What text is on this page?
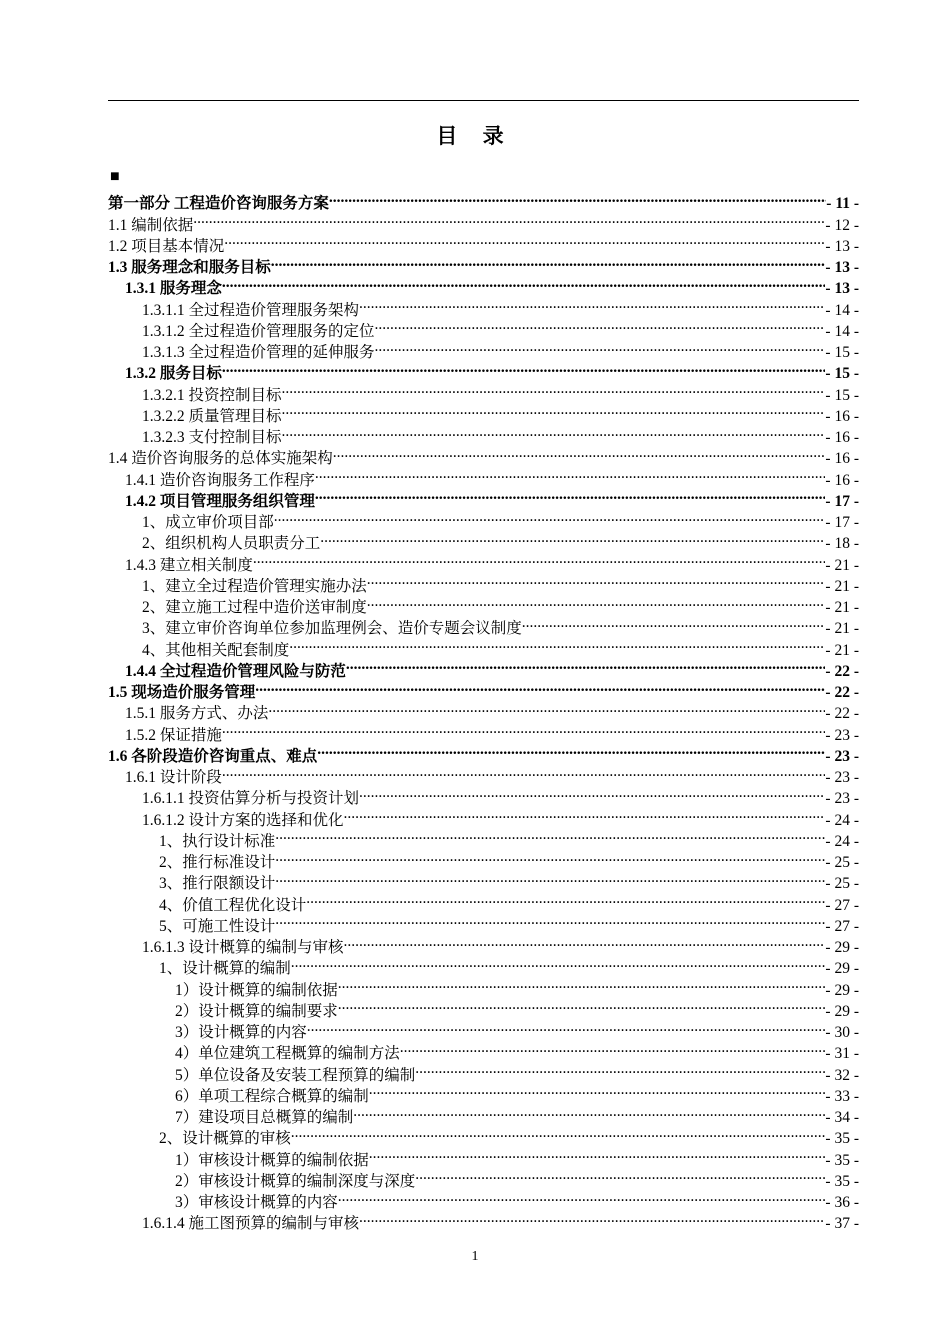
目 录
■
第一部分 工程造价咨询服务方案 .....	- 11 -
1.1 编制依据 .....	- 12 -
1.2 项目基本情况 .....	- 13 -
1.3 服务理念和服务目标 .....	- 13 -
1.3.1 服务理念 .....	- 13 -
1.3.1.1 全过程造价管理服务架构 .....	- 14 -
1.3.1.2 全过程造价管理服务的定位 .....	- 14 -
1.3.1.3 全过程造价管理的延伸服务 .....	- 15 -
1.3.2 服务目标 .....	- 15 -
1.3.2.1 投资控制目标 .....	- 15 -
1.3.2.2 质量管理目标 .....	- 16 -
1.3.2.3 支付控制目标 .....	- 16 -
1.4 造价咨询服务的总体实施架构 .....	- 16 -
1.4.1 造价咨询服务工作程序 .....	- 16 -
1.4.2 项目管理服务组织管理 .....	- 17 -
1、成立审价项目部 .....	- 17 -
2、组织机构人员职责分工 .....	- 18 -
1.4.3 建立相关制度 .....	- 21 -
1、建立全过程造价管理实施办法 .....	- 21 -
2、建立施工过程中造价送审制度 .....	- 21 -
3、建立审价咨询单位参加监理例会、造价专题会议制度 .....	- 21 -
4、其他相关配套制度 .....	- 21 -
1.4.4 全过程造价管理风险与防范 .....	- 22 -
1.5 现场造价服务管理 .....	- 22 -
1.5.1 服务方式、办法 .....	- 22 -
1.5.2 保证措施 .....	- 23 -
1.6 各阶段造价咨询重点、难点 .....	- 23 -
1.6.1 设计阶段 .....	- 23 -
1.6.1.1 投资估算分析与投资计划 .....	- 23 -
1.6.1.2 设计方案的选择和优化 .....	- 24 -
1、执行设计标准 .....	- 24 -
2、推行标准设计 .....	- 25 -
3、推行限额设计 .....	- 25 -
4、价值工程优化设计 .....	- 27 -
5、可施工性设计 .....	- 27 -
1.6.1.3 设计概算的编制与审核 .....	- 29 -
1、设计概算的编制 .....	- 29 -
1）设计概算的编制依据 .....	- 29 -
2）设计概算的编制要求 .....	- 29 -
3）设计概算的内容 .....	- 30 -
4）单位建筑工程概算的编制方法 .....	- 31 -
5）单位设备及安装工程预算的编制 .....	- 32 -
6）单项工程综合概算的编制 .....	- 33 -
7）建设项目总概算的编制 .....	- 34 -
2、设计概算的审核 .....	- 35 -
1）审核设计概算的编制依据 .....	- 35 -
2）审核设计概算的编制深度与深度 .....	- 35 -
3）审核设计概算的内容 .....	- 36 -
1.6.1.4 施工图预算的编制与审核 .....	- 37 -
1
